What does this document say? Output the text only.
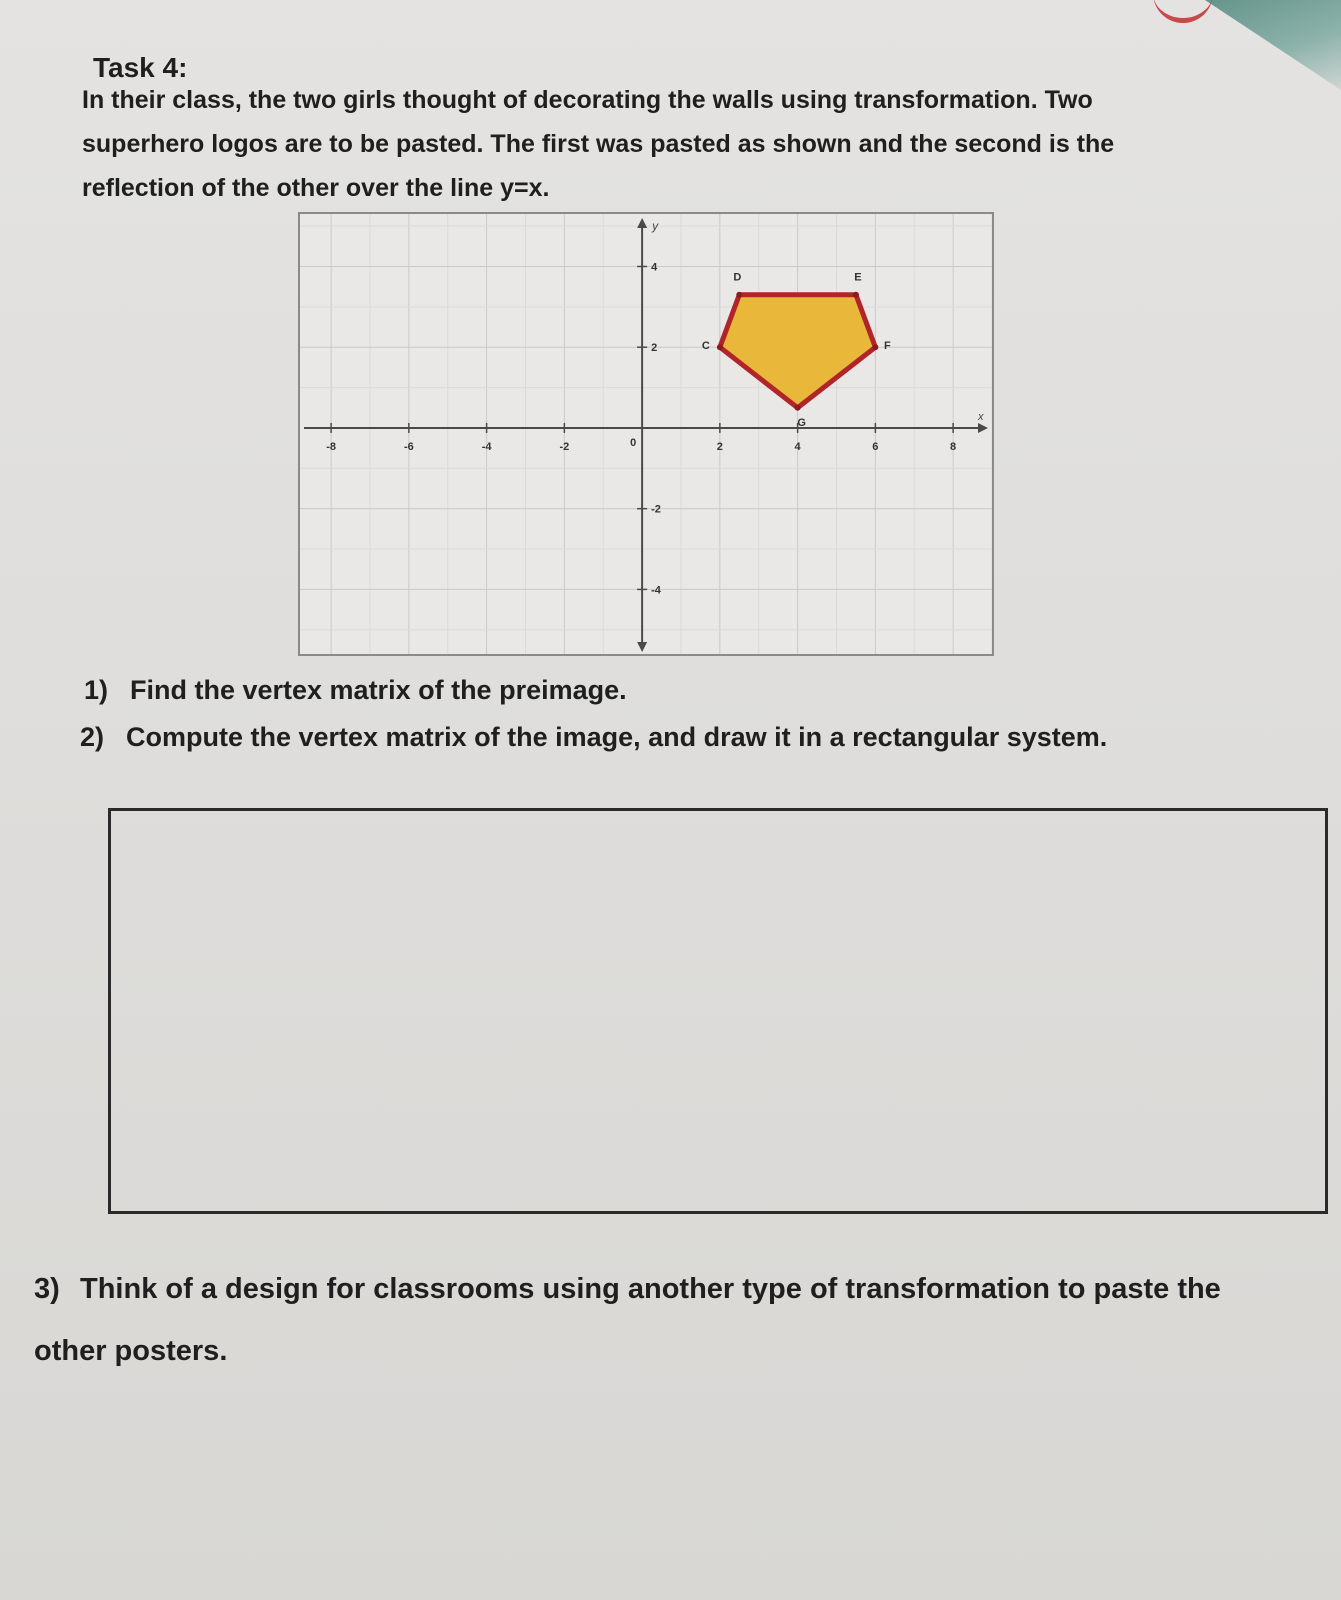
Task 4:

In their class, the two girls thought of decorating the walls using transformation. Two superhero logos are to be pasted. The first was pasted as shown and the second is the reflection of the other over the line y=x.

x
y
-8	-6	-4	-2	2	4	6	8
4
2
-2
-4
0
C
D	E
F
G

1) Find the vertex matrix of the preimage.

2) Compute the vertex matrix of the image, and draw it in a rectangular system.

3) Think of a design for classrooms using another type of transformation to paste the other posters.
